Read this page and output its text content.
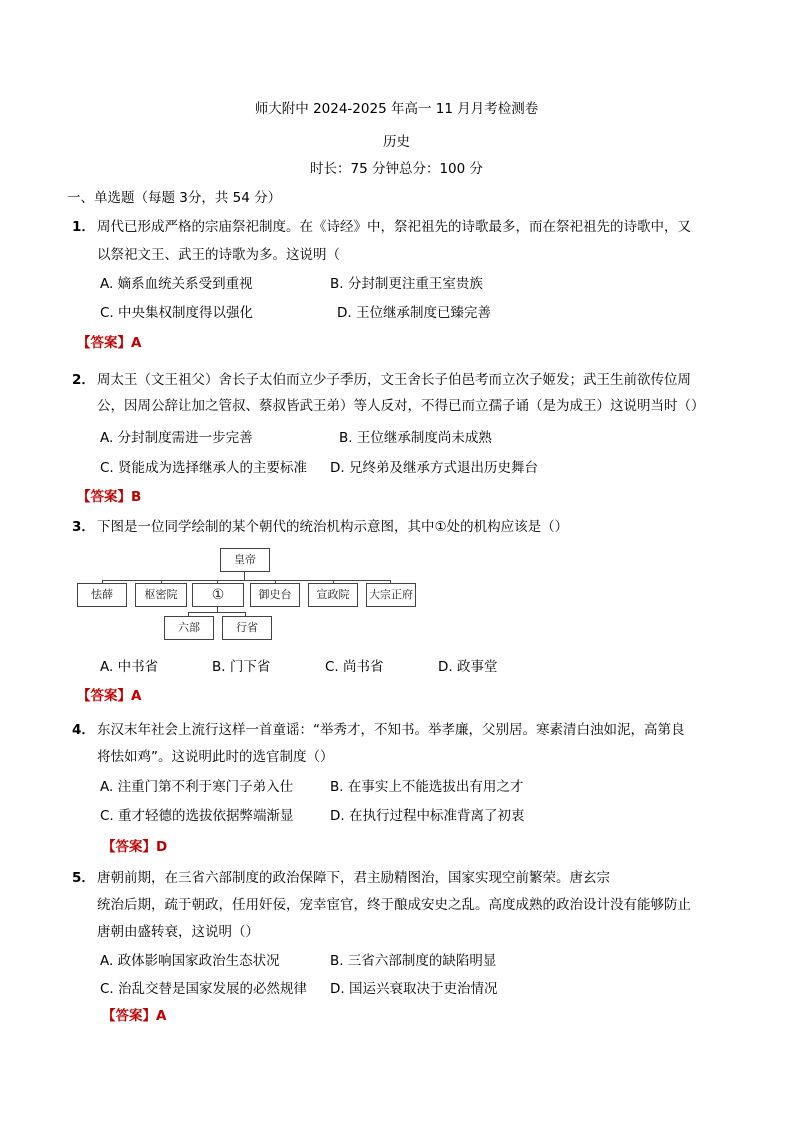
师大附中 2024-2025 年高一 11 月月考检测卷
历史
时长：75 分钟总分：100 分
一、单选题（每题 3分，共 54 分）
1． 周代已形成严格的宗庙祭祀制度。在《诗经》中，祭祀祖先的诗歌最多，而在祭祀祖先的诗歌中，又
以祭祀文王、武王的诗歌为多。这说明（
A. 嫡系血统关系受到重视	B. 分封制更注重王室贵族
C. 中央集权制度得以强化	D. 王位继承制度已臻完善
【答案】A
2． 周太王（文王祖父）舍长子太伯而立少子季历，文王舍长子伯邑考而立次子姬发；武王生前欲传位周
公，因周公辞让加之管叔、蔡叔皆武王弟）等人反对，不得已而立孺子诵（是为成王）这说明当时（）
A. 分封制度需进一步完善	B. 王位继承制度尚未成熟
C. 贤能成为选择继承人的主要标准 D. 兄终弟及继承方式退出历史舞台
【答案】B
3． 下图是一位同学绘制的某个朝代的统治机构示意图，其中①处的机构应该是（）
皇帝
怯薛	枢密院	①	御史台	宣政院	大宗正府
六部	行省
A. 中书省	B. 门下省	C. 尚书省	D. 政事堂
【答案】A
4． 东汉末年社会上流行这样一首童谣：“举秀才，不知书。举孝廉，父别居。寒素清白浊如泥，高第良
将怯如鸡”。这说明此时的选官制度（）
A. 注重门第不利于寒门子弟入仕	B. 在事实上不能选拔出有用之才
C. 重才轻德的选拔依据弊端渐显	D. 在执行过程中标准背离了初衷
【答案】D
5． 唐朝前期，在三省六部制度的政治保障下，君主励精图治，国家实现空前繁荣。唐玄宗
统治后期，疏于朝政，任用奸佞，宠幸宦官，终于酿成安史之乱。高度成熟的政治设计没有能够防止
唐朝由盛转衰，这说明（）
A. 政体影响国家政治生态状况	B. 三省六部制度的缺陷明显
C. 治乱交替是国家发展的必然规律 D. 国运兴衰取决于吏治情况
【答案】A
